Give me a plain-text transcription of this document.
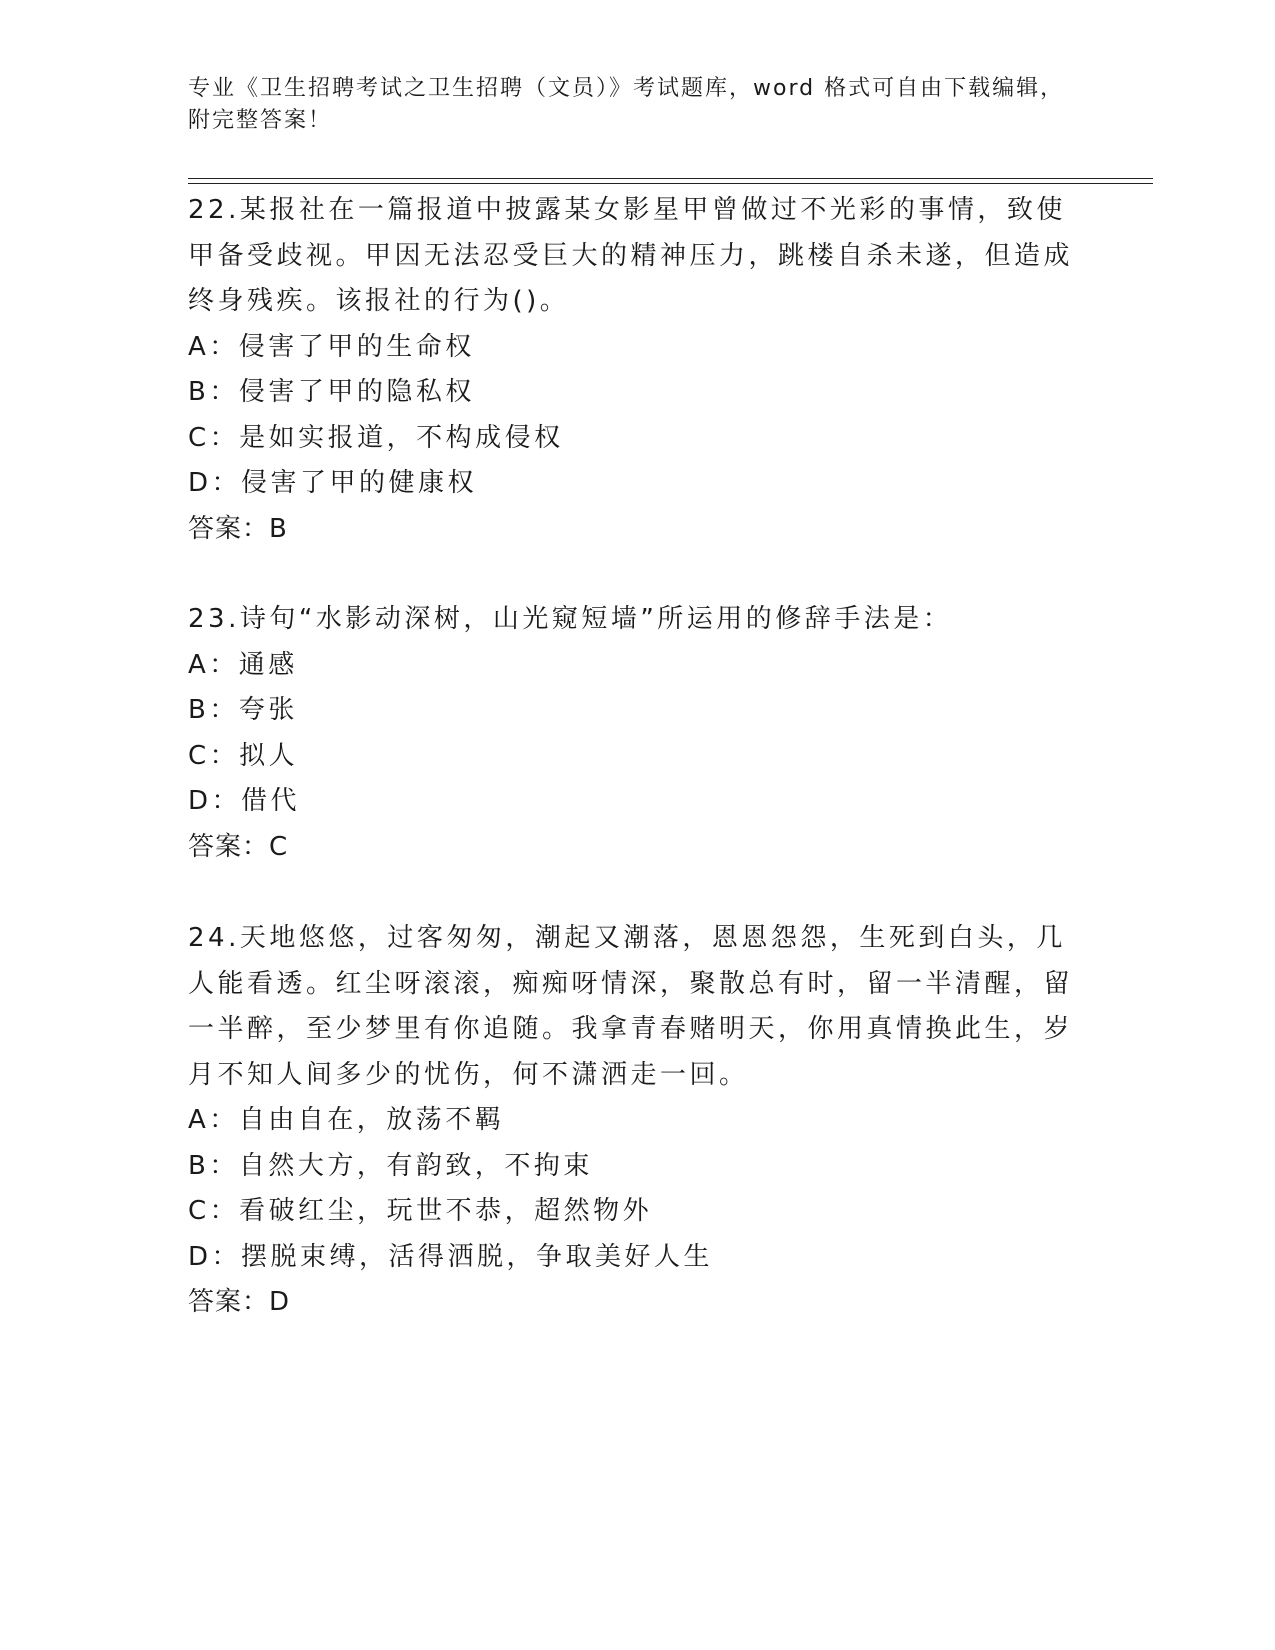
专业《卫生招聘考试之卫生招聘（文员）》考试题库，word 格式可自由下载编辑，附完整答案！

22.某报社在一篇报道中披露某女影星甲曾做过不光彩的事情，致使甲备受歧视。甲因无法忍受巨大的精神压力，跳楼自杀未遂，但造成终身残疾。该报社的行为()。

A：侵害了甲的生命权

B：侵害了甲的隐私权

C：是如实报道，不构成侵权

D：侵害了甲的健康权

答案：B

23.诗句“水影动深树，山光窥短墙”所运用的修辞手法是：

A：通感

B：夸张

C：拟人

D：借代

答案：C

24.天地悠悠，过客匆匆，潮起又潮落，恩恩怨怨，生死到白头，几人能看透。红尘呀滚滚，痴痴呀情深，聚散总有时，留一半清醒，留一半醉，至少梦里有你追随。我拿青春赌明天，你用真情换此生，岁月不知人间多少的忧伤，何不潇洒走一回。

A：自由自在，放荡不羁

B：自然大方，有韵致，不拘束

C：看破红尘，玩世不恭，超然物外

D：摆脱束缚，活得洒脱，争取美好人生

答案：D
